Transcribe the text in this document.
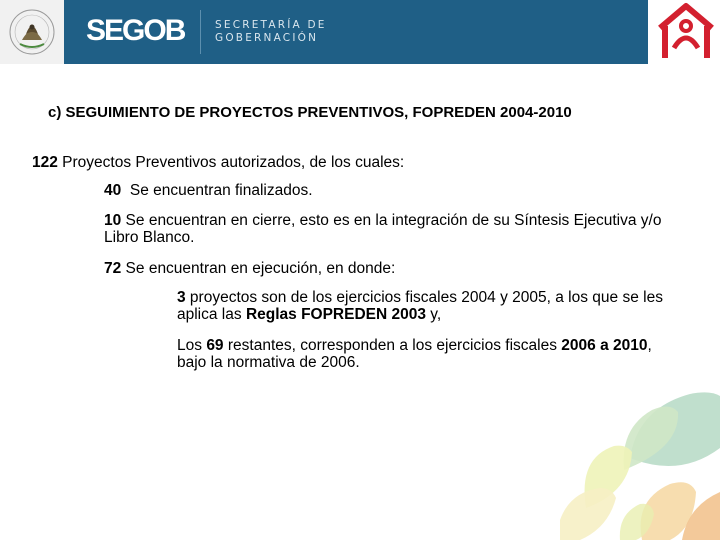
SEGOB	SECRETARÍA DE
GOBERNACIÓN
c) SEGUIMIENTO DE PROYECTOS PREVENTIVOS, FOPREDEN 2004-2010
122 Proyectos Preventivos autorizados, de los cuales:
40  Se encuentran finalizados.
10 Se encuentran en cierre, esto es en la integración de su Síntesis Ejecutiva y/o Libro Blanco.
72 Se encuentran en ejecución, en donde:
3 proyectos son de los ejercicios fiscales 2004 y 2005, a los que se les aplica las Reglas FOPREDEN 2003 y,
Los 69 restantes, corresponden a los ejercicios fiscales 2006 a 2010, bajo la normativa de 2006.
